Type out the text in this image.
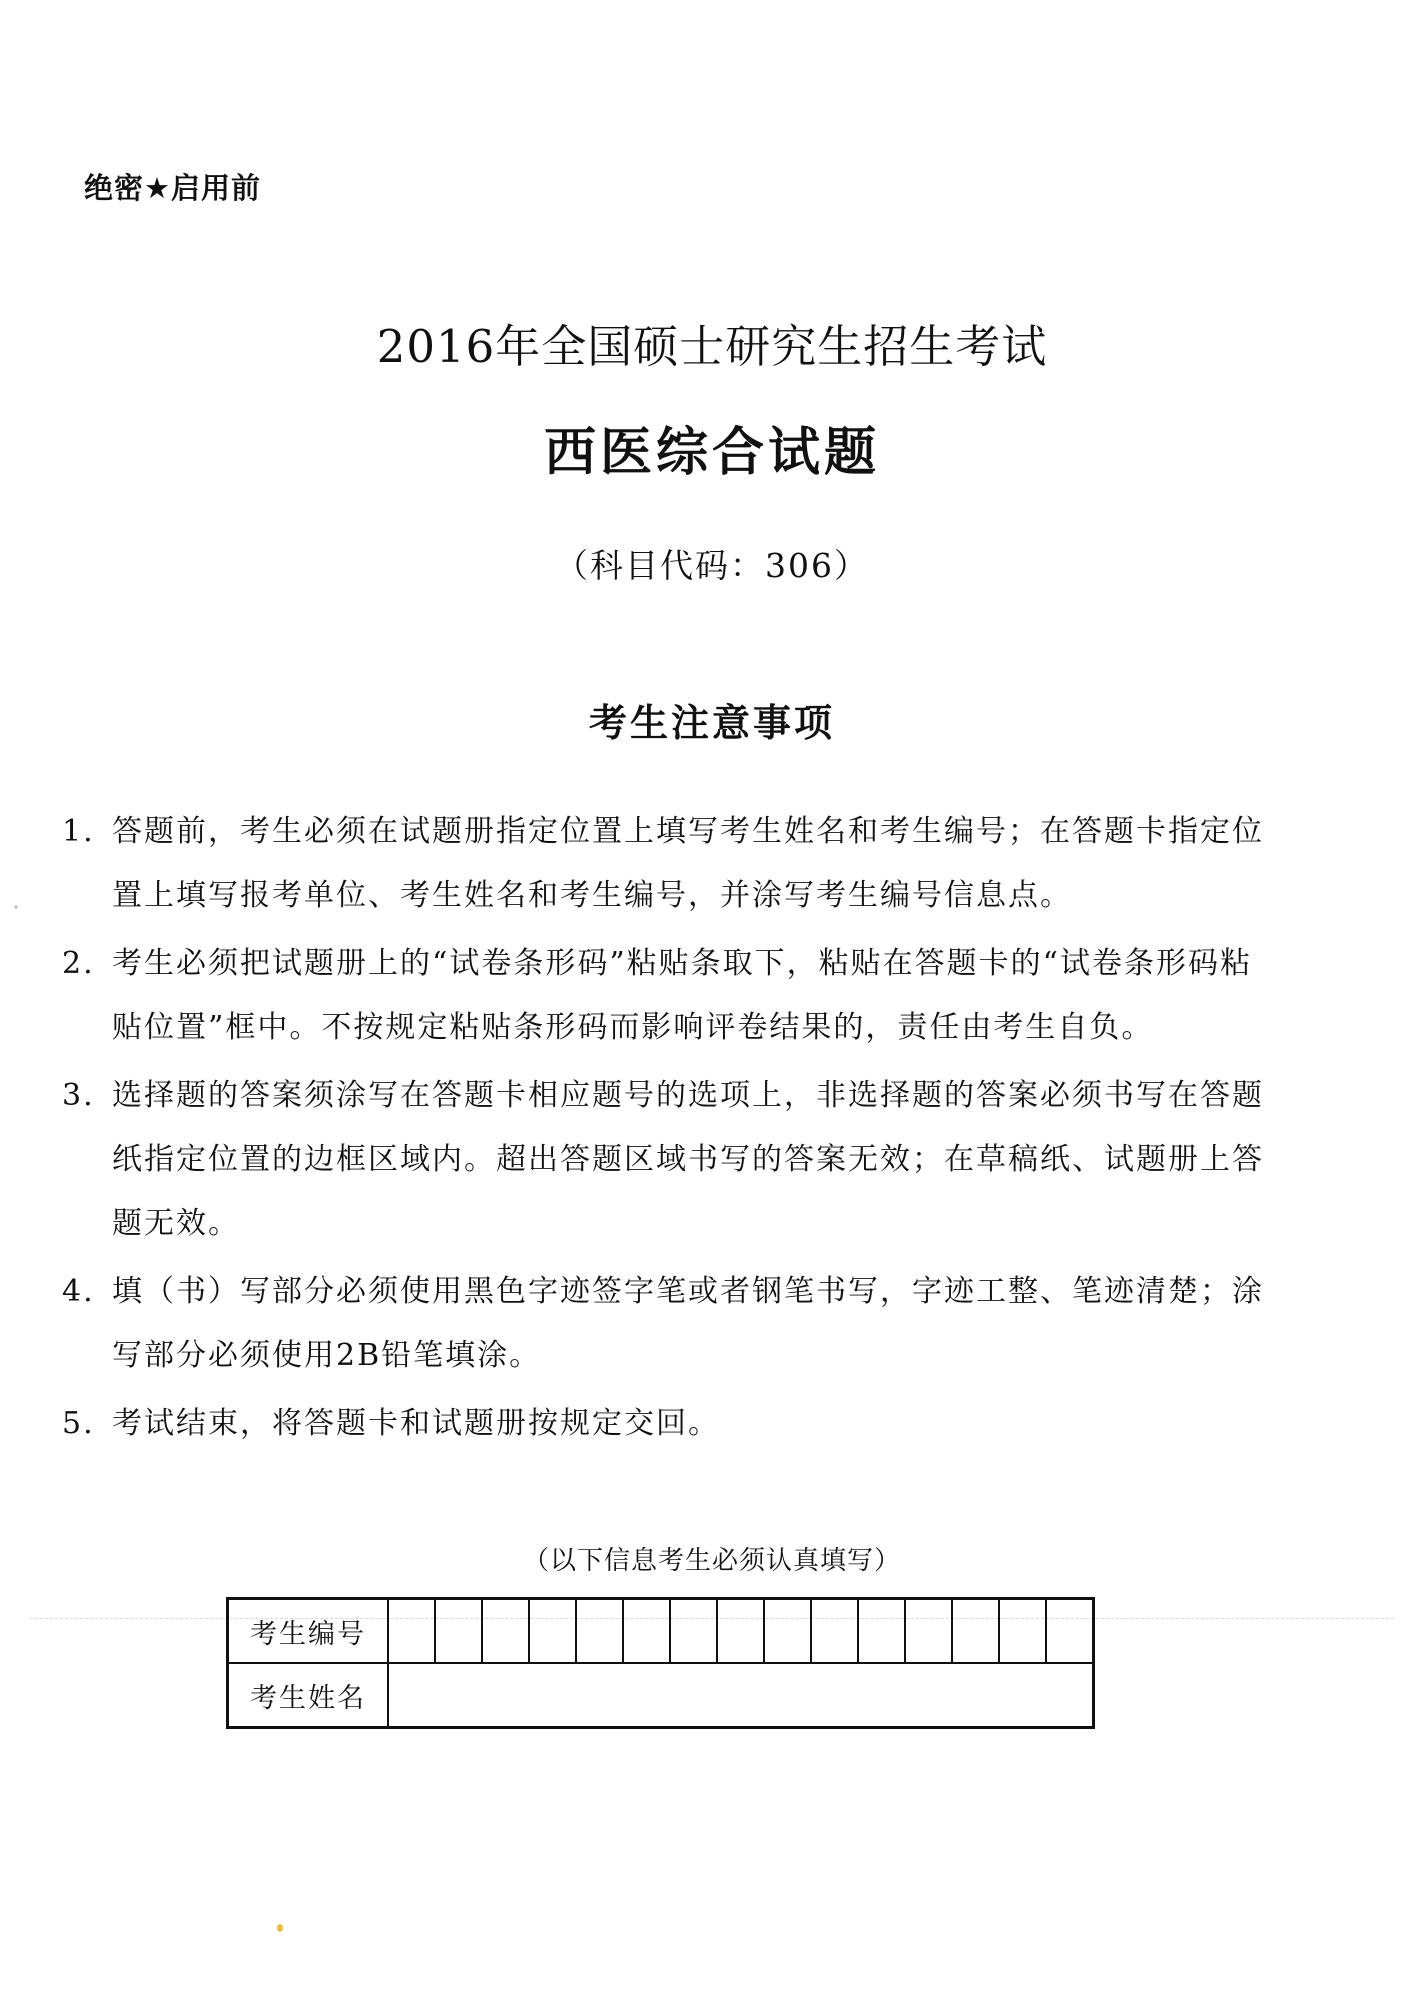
绝密★启用前
2016年全国硕士研究生招生考试
西医综合试题
（科目代码：306）
考生注意事项
1. 答题前，考生必须在试题册指定位置上填写考生姓名和考生编号；在答题卡指定位置上填写报考单位、考生姓名和考生编号，并涂写考生编号信息点。
2. 考生必须把试题册上的“试卷条形码”粘贴条取下，粘贴在答题卡的“试卷条形码粘贴位置”框中。不按规定粘贴条形码而影响评卷结果的，责任由考生自负。
3. 选择题的答案须涂写在答题卡相应题号的选项上，非选择题的答案必须书写在答题纸指定位置的边框区域内。超出答题区域书写的答案无效；在草稿纸、试题册上答题无效。
4. 填（书）写部分必须使用黑色字迹签字笔或者钢笔书写，字迹工整、笔迹清楚；涂写部分必须使用2B铅笔填涂。
5. 考试结束，将答题卡和试题册按规定交回。
（以下信息考生必须认真填写）
考生编号															
考生姓名															
